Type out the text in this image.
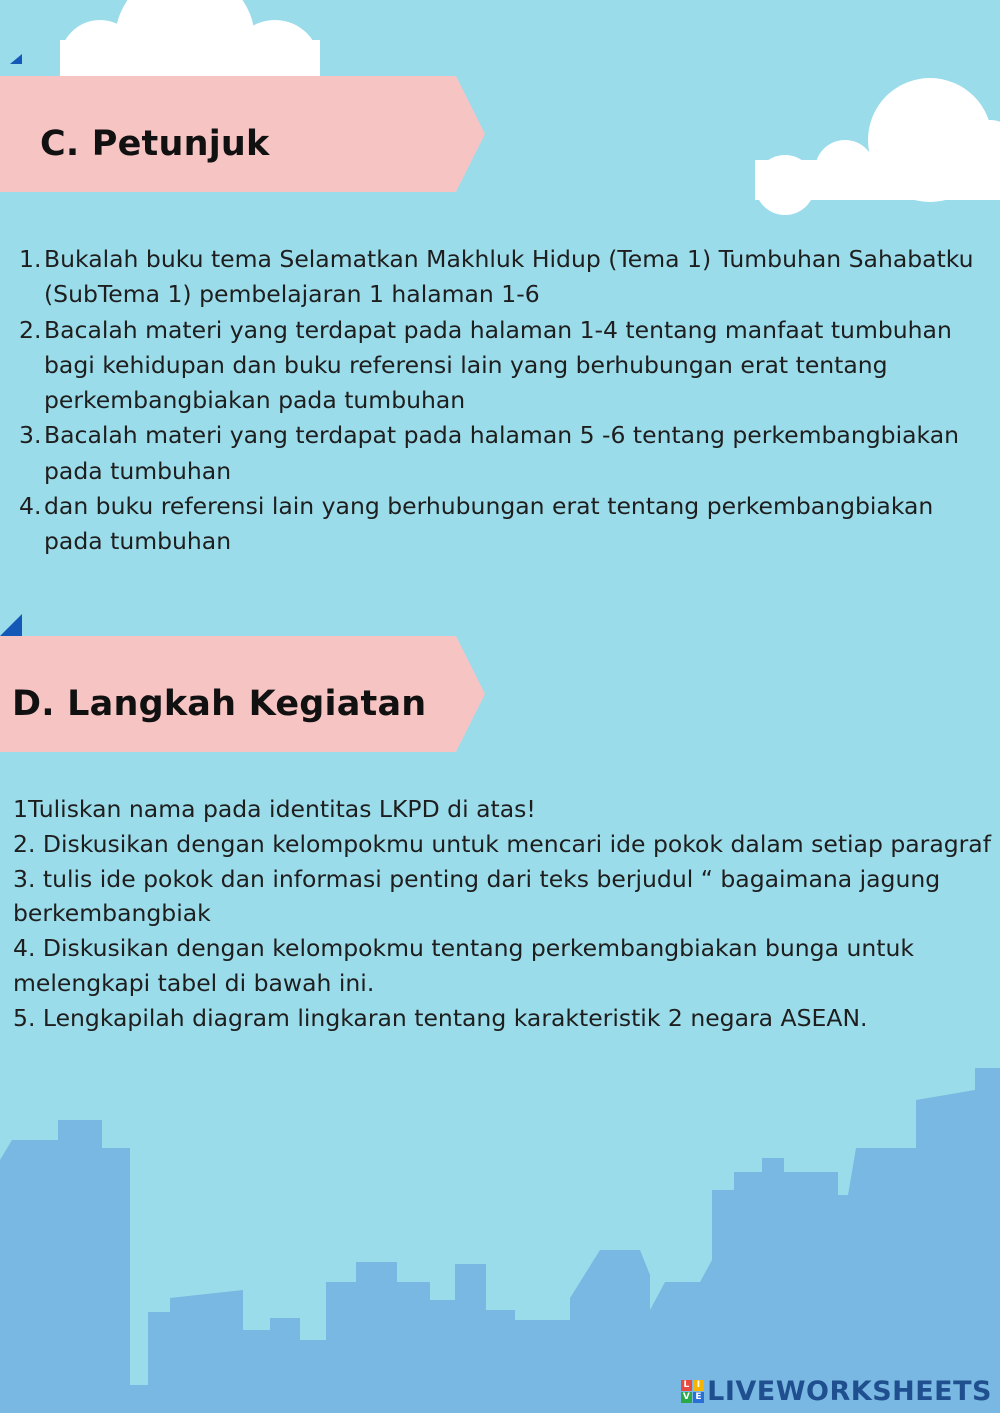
C. Petunjuk
1. Bukalah buku tema Selamatkan Makhluk Hidup (Tema 1) Tumbuhan Sahabatku (SubTema 1) pembelajaran 1 halaman 1-6
2. Bacalah materi yang terdapat pada halaman 1-4 tentang manfaat tumbuhan bagi kehidupan dan buku referensi lain yang berhubungan erat tentang perkembangbiakan pada tumbuhan
3. Bacalah materi yang terdapat pada halaman 5 -6 tentang perkembangbiakan pada tumbuhan
4. dan buku referensi lain yang berhubungan erat tentang perkembangbiakan pada tumbuhan
D. Langkah Kegiatan
1Tuliskan nama pada identitas LKPD di atas!
2. Diskusikan dengan kelompokmu untuk mencari ide pokok dalam setiap paragraf
3. tulis ide pokok dan informasi penting dari teks berjudul “ bagaimana jagung berkembangbiak
4. Diskusikan dengan kelompokmu tentang perkembangbiakan bunga untuk melengkapi tabel di bawah ini.
5. Lengkapilah diagram lingkaran tentang karakteristik 2 negara ASEAN.
L I
V E LIVEWORKSHEETS
